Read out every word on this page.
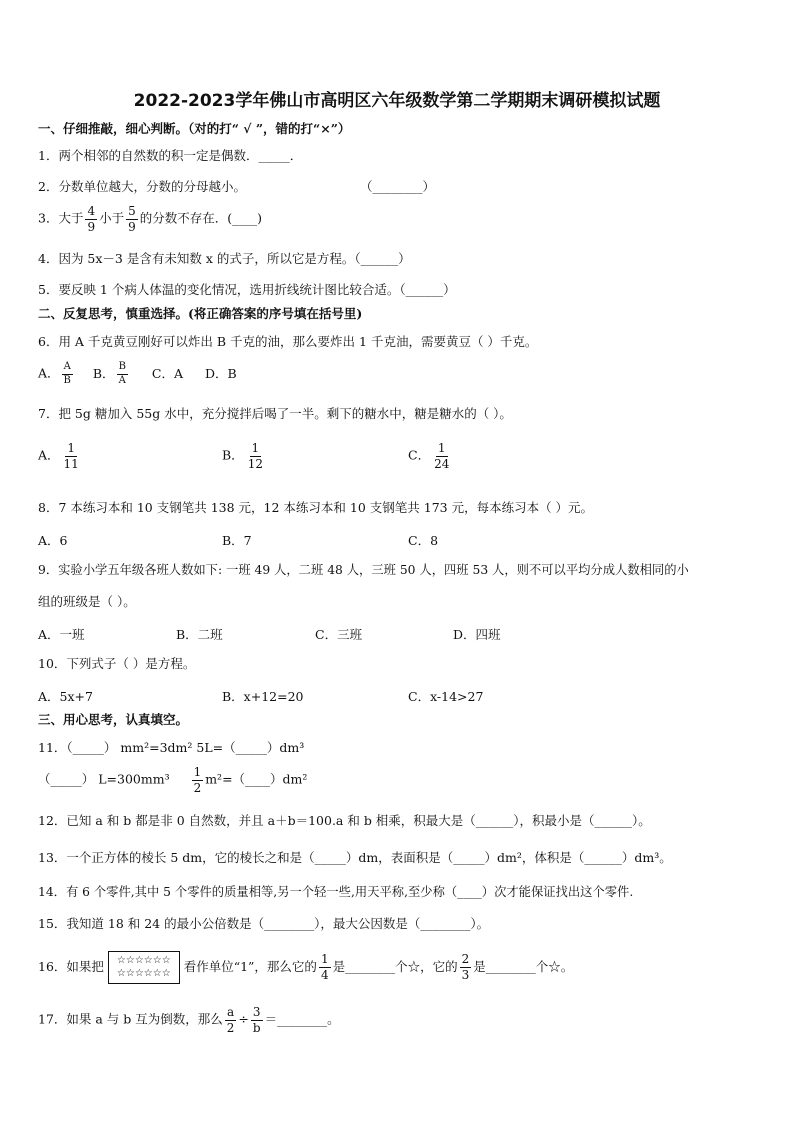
2022-2023学年佛山市高明区六年级数学第二学期期末调研模拟试题
一、仔细推敲，细心判断。（对的打“ √ ”，错的打“×”）
1．两个相邻的自然数的积一定是偶数．_____．
2．分数单位越大，分数的分母越小。	（________）
3．大于 $\frac{4}{9}$ 小于 $\frac{5}{9}$ 的分数不存在．(____)
4．因为 5x－3 是含有未知数 x 的式子，所以它是方程。（______）
5．要反映 1 个病人体温的变化情况，选用折线统计图比较合适。（______）
二、反复思考，慎重选择。(将正确答案的序号填在括号里)
6．用 A 千克黄豆刚好可以炸出 B 千克的油，那么要炸出 1 千克油，需要黄豆（ ）千克。
A． $\frac{A}{B}$ B． $\frac{B}{A}$ C．A D．B
7．把 5g 糖加入 55g 水中，充分搅拌后喝了一半。剩下的糖水中，糖是糖水的（ ）。
A． $\frac{1}{11}$	B． $\frac{1}{12}$	C． $\frac{1}{24}$
8．7 本练习本和 10 支钢笔共 138 元，12 本练习本和 10 支钢笔共 173 元，每本练习本（ ）元。
A．6	B．7	C．8
9．实验小学五年级各班人数如下: 一班 49 人，二班 48 人，三班 50 人，四班 53 人，则不可以平均分成人数相同的小
组的班级是（ ）。
A．一班	B．二班	C．三班	D．四班
10．下列式子（ ）是方程。
A．5x+7	B．x+12=20	C．x-14>27
三、用心思考，认真填空。
11．（_____） mm²=3dm² 5L=（_____）dm³
（_____） $L=300mm^3 \frac{1}{2}$ m²=（____）dm²
12．已知 a 和 b 都是非 0 自然数，并且 a＋b＝100.a 和 b 相乘，积最大是（______），积最小是（______）。
13．一个正方体的棱长 5 dm，它的棱长之和是（_____）dm，表面积是（_____）dm²，体积是（______）dm³。
14．有 6 个零件,其中 5 个零件的质量相等,另一个轻一些,用天平称,至少称（____）次才能保证找出这个零件.
15．我知道 18 和 24 的最小公倍数是（________），最大公因数是（________）。
16．如果把 ☆☆☆☆☆☆
☆☆☆☆☆☆ 看作单位“1”，那么它的 $\frac{1}{4}$ 是________个☆，它的 $\frac{2}{3}$ 是________个☆。
17．如果 a 与 b 互为倒数，那么 $\frac{a}{2} \div \frac{3}{b}$ ＝________。
